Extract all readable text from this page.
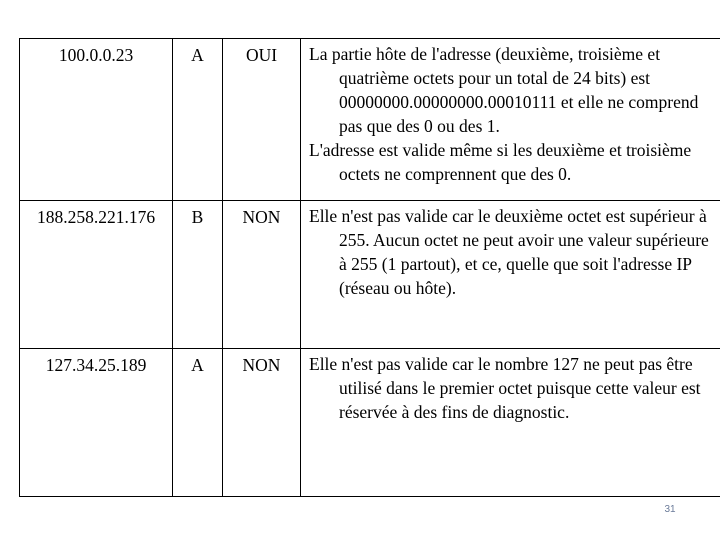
100.0.0.23	A	OUI	La partie hôte de l'adresse (deuxième, troisième et quatrième octets pour un total de 24 bits) est 00000000.00000000.00010111 et elle ne comprend pas que des 0 ou des 1.
L'adresse est valide même si les deuxième et troisième octets ne comprennent que des 0.

188.258.221.176	B	NON	Elle n'est pas valide car le deuxième octet est supérieur à 255. Aucun octet ne peut avoir une valeur supérieure à 255 (1 partout), et ce, quelle que soit l'adresse IP (réseau ou hôte).

127.34.25.189	A	NON	Elle n'est pas valide car le nombre 127 ne peut pas être utilisé dans le premier octet puisque cette valeur est réservée à des fins de diagnostic.
31
